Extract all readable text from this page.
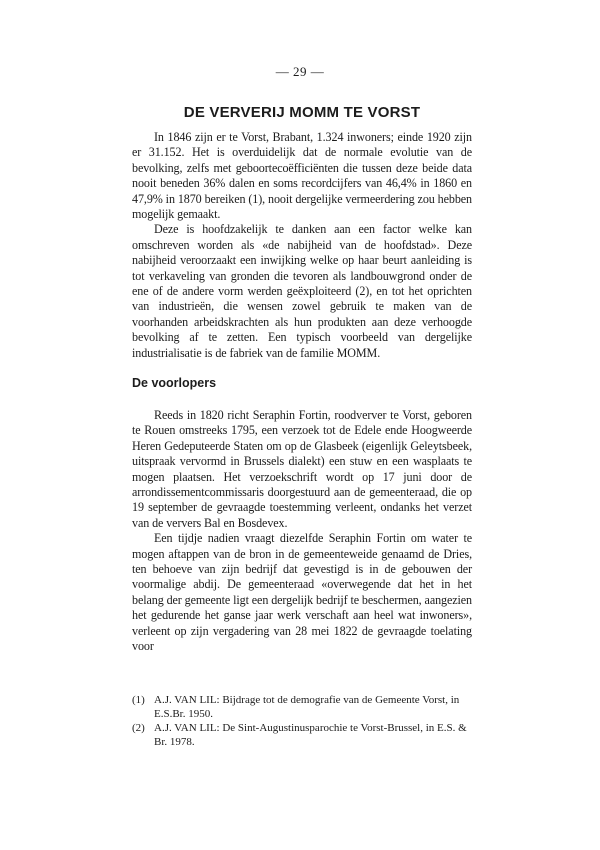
— 29 —
DE VERVERIJ MOMM TE VORST

In 1846 zijn er te Vorst, Brabant, 1.324 inwoners; einde 1920 zijn er 31.152. Het is overduidelijk dat de normale evolutie van de bevolking, zelfs met geboortecoëfficiënten die tussen deze beide data nooit beneden 36% dalen en soms recordcijfers van 46,4% in 1860 en 47,9% in 1870 bereiken (1), nooit dergelijke vermeerdering zou hebben mogelijk gemaakt.

Deze is hoofdzakelijk te danken aan een factor welke kan omschreven worden als «de nabijheid van de hoofdstad». Deze nabijheid veroorzaakt een inwijking welke op haar beurt aanleiding is tot verkaveling van gronden die tevoren als landbouwgrond onder de ene of de andere vorm werden geëxploiteerd (2), en tot het oprichten van industrieën, die wensen zowel gebruik te maken van de voorhanden arbeidskrachten als hun produkten aan deze verhoogde bevolking af te zetten. Een typisch voorbeeld van dergelijke industrialisatie is de fabriek van de familie MOMM.

De voorlopers

Reeds in 1820 richt Seraphin Fortin, roodverver te Vorst, geboren te Rouen omstreeks 1795, een verzoek tot de Edele ende Hoogweerde Heren Gedeputeerde Staten om op de Glasbeek (eigenlijk Geleytsbeek, uitspraak vervormd in Brussels dialekt) een stuw en een wasplaats te mogen plaatsen. Het verzoekschrift wordt op 17 juni door de arrondissementcommissaris doorgestuurd aan de gemeenteraad, die op 19 september de gevraagde toestemming verleent, ondanks het verzet van de ververs Bal en Bosdevex.

Een tijdje nadien vraagt diezelfde Seraphin Fortin om water te mogen aftappen van de bron in de gemeenteweide genaamd de Dries, ten behoeve van zijn bedrijf dat gevestigd is in de gebouwen der voormalige abdij. De gemeenteraad «overwegende dat het in het belang der gemeente ligt een dergelijk bedrijf te beschermen, aangezien het gedurende het ganse jaar werk verschaft aan heel wat inwoners», verleent op zijn vergadering van 28 mei 1822 de gevraagde toelating voor

(1) A.J. VAN LIL: Bijdrage tot de demografie van de Gemeente Vorst, in E.S.Br. 1950.
(2) A.J. VAN LIL: De Sint-Augustinusparochie te Vorst-Brussel, in E.S. & Br. 1978.
